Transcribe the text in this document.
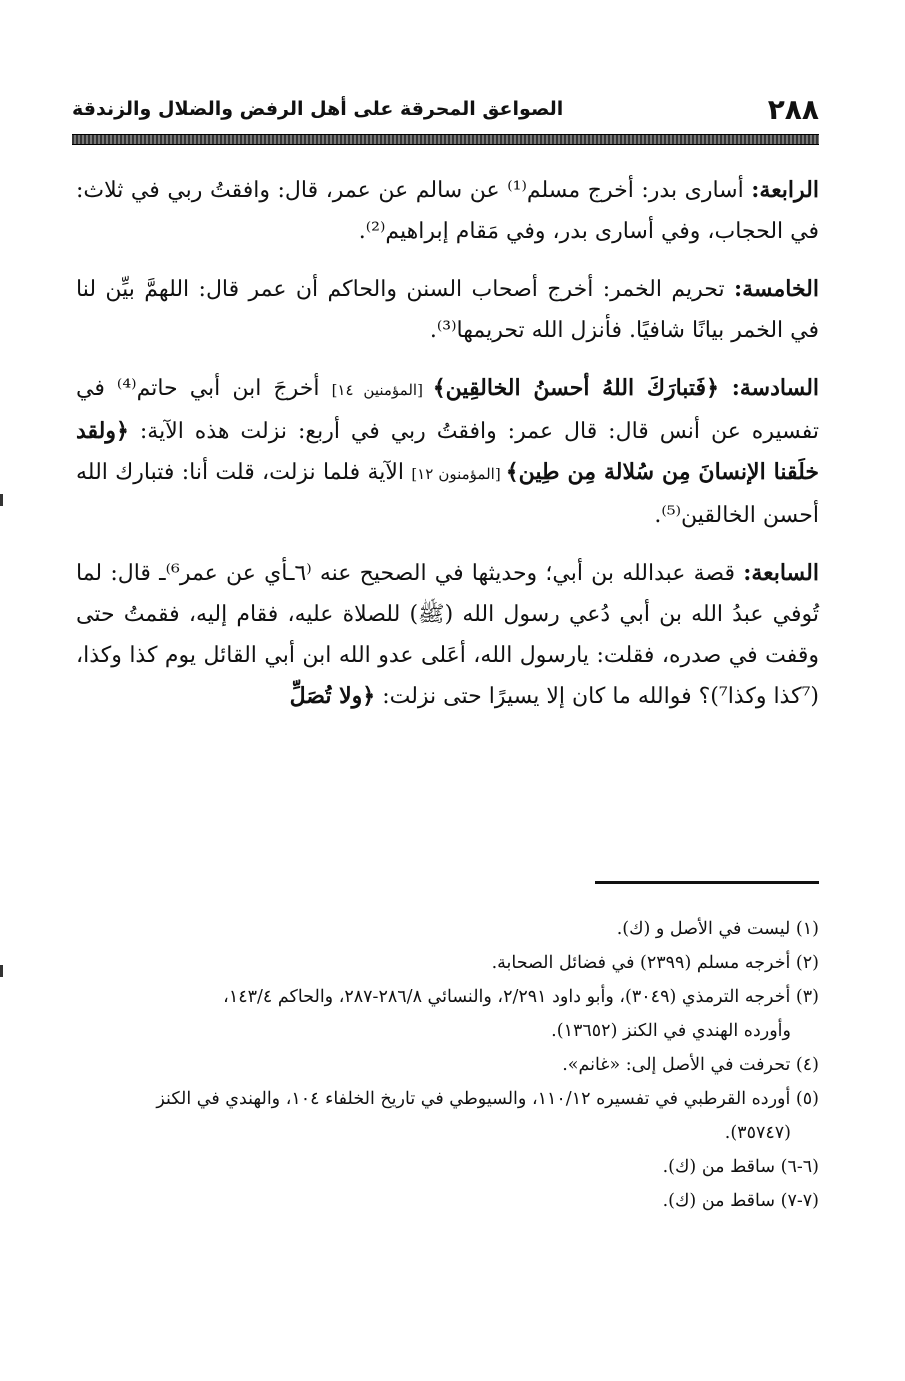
٢٨٨
الصواعق المحرقة على أهل الرفض والضلال والزندقة

الرابعة: أسارى بدر: أخرج مسلم⁽¹⁾ عن سالم عن عمر، قال: وافقتُ ربي في ثلاث: في الحجاب، وفي أسارى بدر، وفي مَقام إبراهيم⁽²⁾.

الخامسة: تحريم الخمر: أخرج أصحاب السنن والحاكم أن عمر قال: اللهمَّ بيِّن لنا في الخمر بيانًا شافيًا. فأنزل الله تحريمها⁽³⁾.

السادسة: ﴿فَتبارَكَ اللهُ أحسنُ الخالقِين﴾ [المؤمنين ١٤] أخرجَ ابن أبي حاتم⁽⁴⁾ في تفسيره عن أنس قال: قال عمر: وافقتُ ربي في أربع: نزلت هذه الآية: ﴿ولقد خلَقنا الإنسانَ مِن سُلالة مِن طِين﴾ [المؤمنون ١٢] الآية فلما نزلت، قلت أنا: فتبارك الله أحسن الخالقين⁽⁵⁾.

السابعة: قصة عبدالله بن أبي؛ وحديثها في الصحيح عنه ⁽٦ـأي عن عمر⁶⁾ـ قال: لما تُوفي عبدُ الله بن أبي دُعي رسول الله (ﷺ) للصلاة عليه، فقام إليه، فقمتُ حتى وقفت في صدره، فقلت: يارسول الله، أعَلى عدو الله ابن أبي القائل يوم كذا وكذا، (⁷كذا وكذا⁷)؟ فوالله ما كان إلا يسيرًا حتى نزلت: ﴿ولا تُصَلِّ

(١) ليست في الأصل و (ك).

(٢) أخرجه مسلم (٢٣٩٩) في فضائل الصحابة.

(٣) أخرجه الترمذي (٣٠٤٩)، وأبو داود ٢/٢٩١، والنسائي ٢٨٦/٨-٢٨٧، والحاكم ١٤٣/٤،
وأورده الهندي في الكنز (١٣٦٥٢).

(٤) تحرفت في الأصل إلى: «غانم».

(٥) أورده القرطبي في تفسيره ١١٠/١٢، والسيوطي في تاريخ الخلفاء ١٠٤، والهندي في الكنز
(٣٥٧٤٧).

(٦-٦) ساقط من (ك).

(٧-٧) ساقط من (ك).
